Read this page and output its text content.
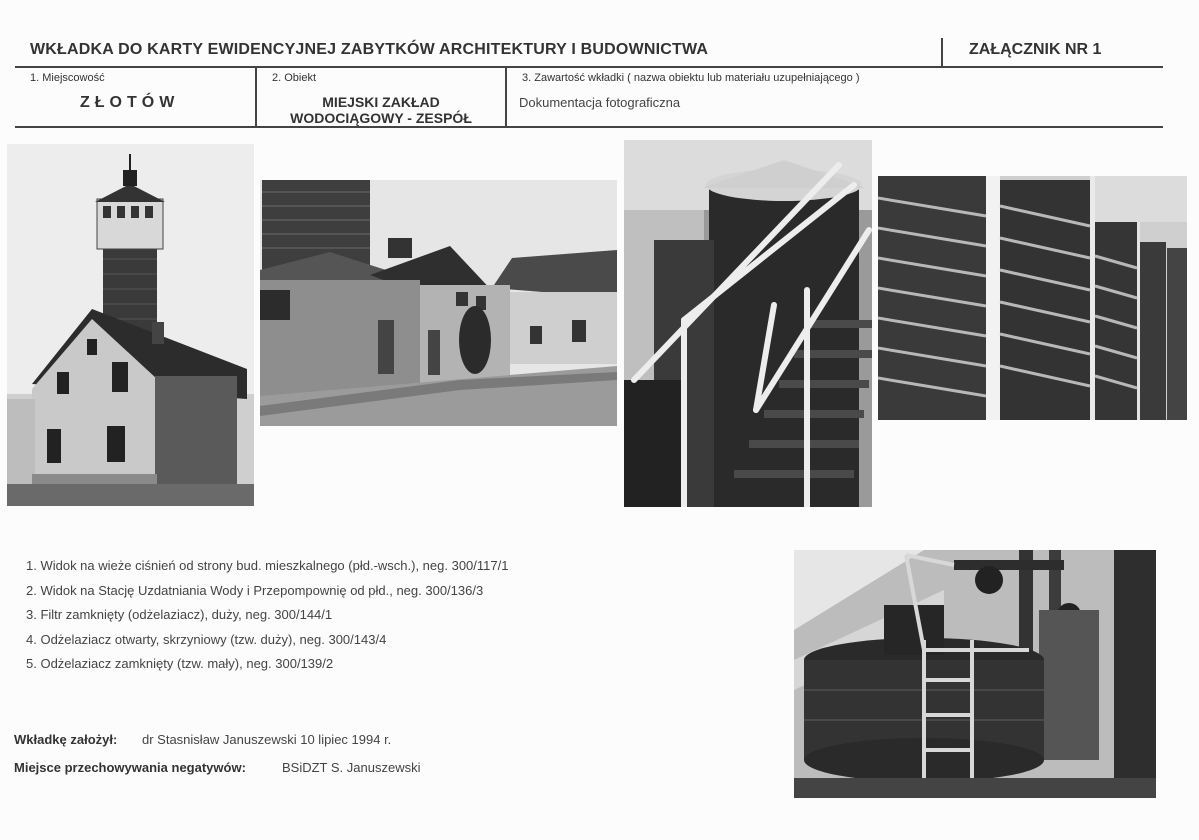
WKŁADKA DO KARTY EWIDENCYJNEJ ZABYTKÓW ARCHITEKTURY I BUDOWNICTWA	ZAŁĄCZNIK NR 1
1. Miejscowość
ZŁOTÓW
2. Obiekt
MIEJSKI ZAKŁAD
WODOCIĄGOWY - ZESPÓŁ
3. Zawartość wkładki ( nazwa obiektu lub materiału uzupełniającego )
Dokumentacja fotograficzna
1. Widok na wieże ciśnień od strony bud. mieszkalnego (płd.-wsch.), neg. 300/117/1
2. Widok na Stację Uzdatniania Wody i Przepompownię od płd., neg. 300/136/3
3. Filtr zamknięty (odżelaziacz), duży, neg. 300/144/1
4. Odżelaziacz otwarty, skrzyniowy (tzw. duży), neg. 300/143/4
5. Odżelaziacz zamknięty (tzw. mały), neg. 300/139/2
Wkładkę założył: dr Stasnisław Januszewski 10 lipiec 1994 r.
Miejsce przechowywania negatywów:	BSiDZT S. Januszewski
